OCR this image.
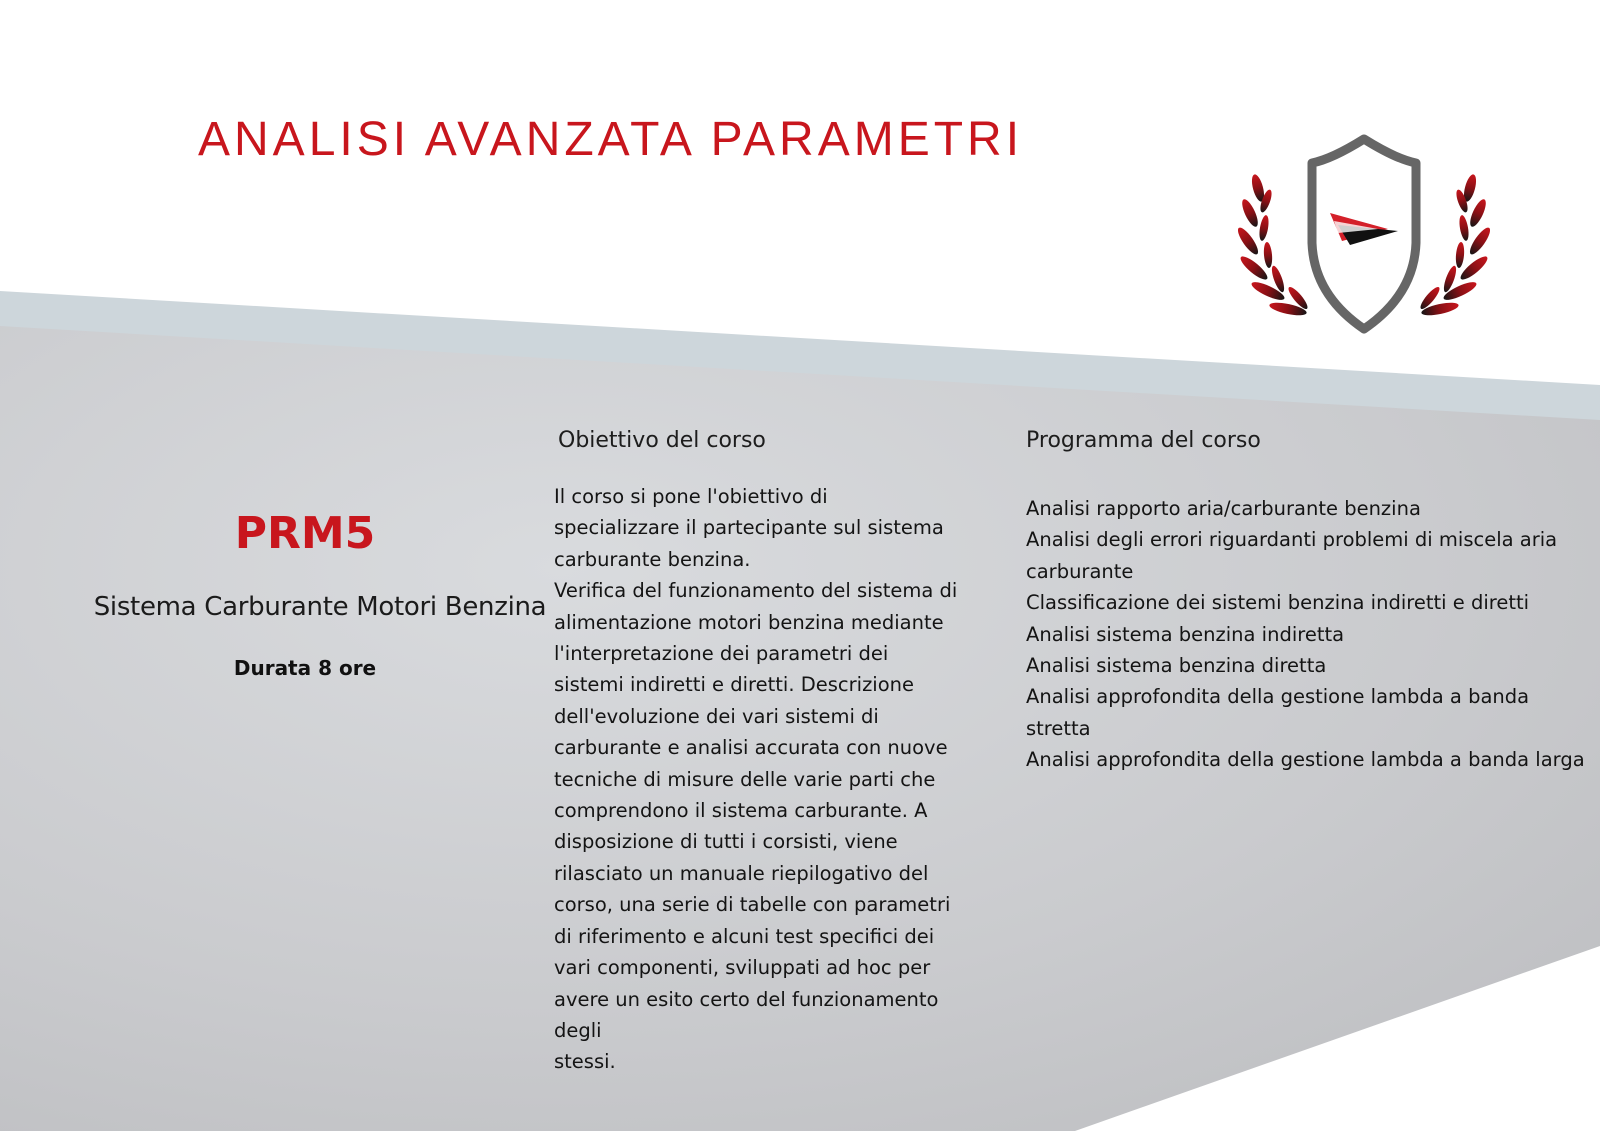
ANALISI AVANZATA PARAMETRI
PRM5
Sistema Carburante Motori Benzina
Durata 8 ore
Obiettivo del corso
Il corso si pone l'obiettivo di
specializzare il partecipante sul sistema
carburante benzina.
Verifica del funzionamento del sistema di
alimentazione motori benzina mediante
l'interpretazione dei parametri dei
sistemi indiretti e diretti. Descrizione
dell'evoluzione dei vari sistemi di
carburante e analisi accurata con nuove
tecniche di misure delle varie parti che
comprendono il sistema carburante. A
disposizione di tutti i corsisti, viene
rilasciato un manuale riepilogativo del
corso, una serie di tabelle con parametri
di riferimento e alcuni test specifici dei
vari componenti, sviluppati ad hoc per
avere un esito certo del funzionamento
degli
stessi.
Programma del corso
Analisi rapporto aria/carburante benzina
Analisi degli errori riguardanti problemi di miscela aria
carburante
Classificazione dei sistemi benzina indiretti e diretti
Analisi sistema benzina indiretta
Analisi sistema benzina diretta
Analisi approfondita della gestione lambda a banda
stretta
Analisi approfondita della gestione lambda a banda larga
